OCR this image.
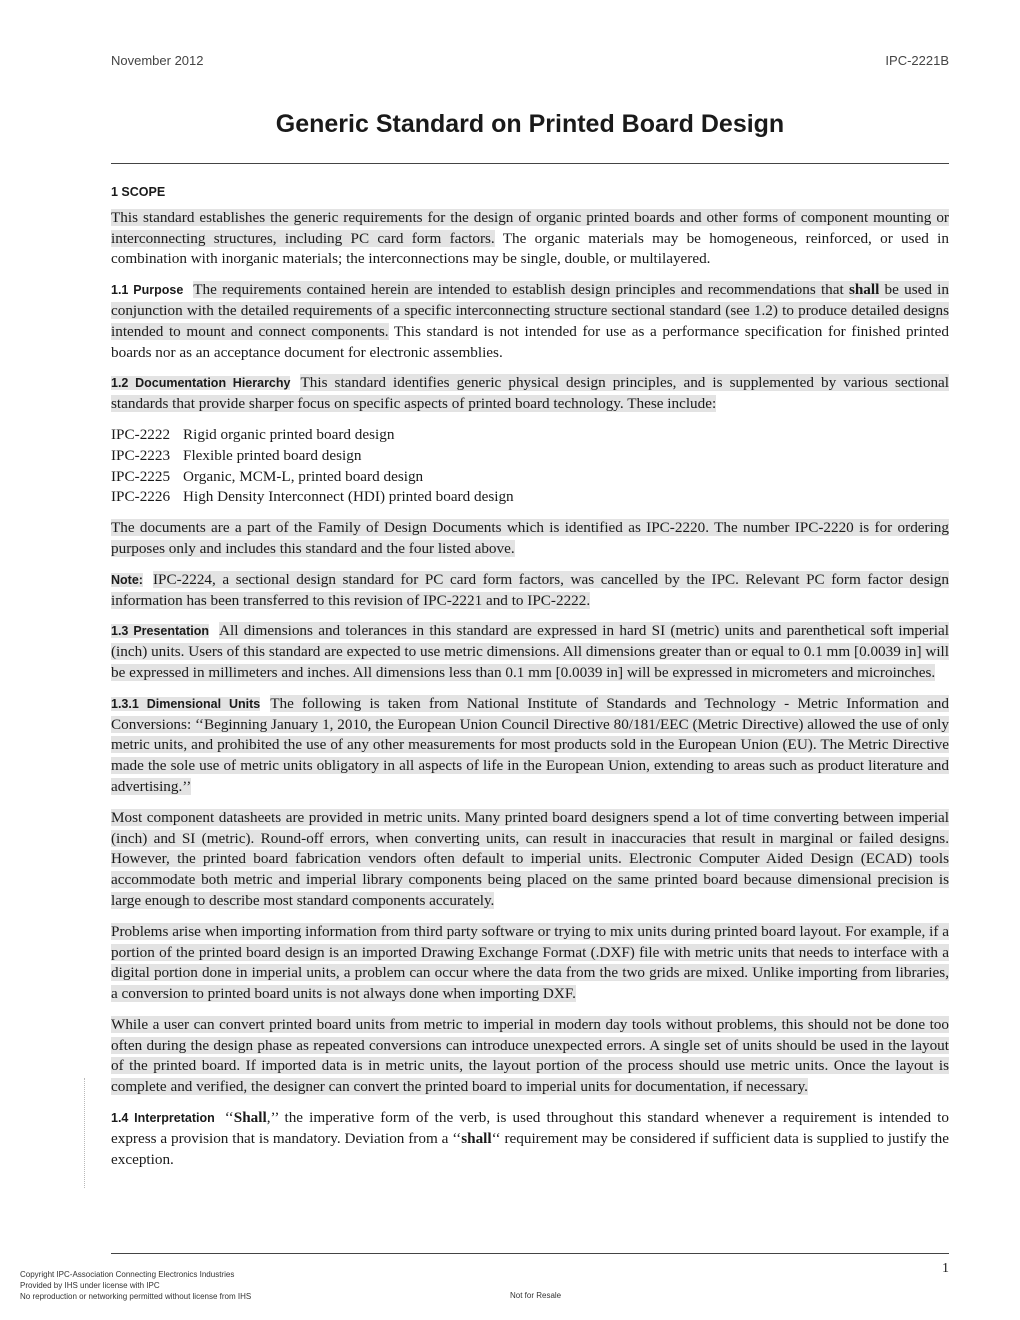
November 2012	IPC-2221B
Generic Standard on Printed Board Design
1 SCOPE

This standard establishes the generic requirements for the design of organic printed boards and other forms of component mounting or interconnecting structures, including PC card form factors. The organic materials may be homogeneous, reinforced, or used in combination with inorganic materials; the interconnections may be single, double, or multilayered.

1.1 Purpose The requirements contained herein are intended to establish design principles and recommendations that shall be used in conjunction with the detailed requirements of a specific interconnecting structure sectional standard (see 1.2) to produce detailed designs intended to mount and connect components. This standard is not intended for use as a performance specification for finished printed boards nor as an acceptance document for electronic assemblies.

1.2 Documentation Hierarchy This standard identifies generic physical design principles, and is supplemented by various sectional standards that provide sharper focus on specific aspects of printed board technology. These include:

IPC-2222 Rigid organic printed board design
IPC-2223 Flexible printed board design
IPC-2225 Organic, MCM-L, printed board design
IPC-2226 High Density Interconnect (HDI) printed board design

The documents are a part of the Family of Design Documents which is identified as IPC-2220. The number IPC-2220 is for ordering purposes only and includes this standard and the four listed above.

Note: IPC-2224, a sectional design standard for PC card form factors, was cancelled by the IPC. Relevant PC form factor design information has been transferred to this revision of IPC-2221 and to IPC-2222.

1.3 Presentation All dimensions and tolerances in this standard are expressed in hard SI (metric) units and parenthetical soft imperial (inch) units. Users of this standard are expected to use metric dimensions. All dimensions greater than or equal to 0.1 mm [0.0039 in] will be expressed in millimeters and inches. All dimensions less than 0.1 mm [0.0039 in] will be expressed in micrometers and microinches.

1.3.1 Dimensional Units The following is taken from National Institute of Standards and Technology - Metric Information and Conversions: ‘‘Beginning January 1, 2010, the European Union Council Directive 80/181/EEC (Metric Directive) allowed the use of only metric units, and prohibited the use of any other measurements for most products sold in the European Union (EU). The Metric Directive made the sole use of metric units obligatory in all aspects of life in the European Union, extending to areas such as product literature and advertising.’’

Most component datasheets are provided in metric units. Many printed board designers spend a lot of time converting between imperial (inch) and SI (metric). Round-off errors, when converting units, can result in inaccuracies that result in marginal or failed designs. However, the printed board fabrication vendors often default to imperial units. Electronic Computer Aided Design (ECAD) tools accommodate both metric and imperial library components being placed on the same printed board because dimensional precision is large enough to describe most standard components accurately.

Problems arise when importing information from third party software or trying to mix units during printed board layout. For example, if a portion of the printed board design is an imported Drawing Exchange Format (.DXF) file with metric units that needs to interface with a digital portion done in imperial units, a problem can occur where the data from the two grids are mixed. Unlike importing from libraries, a conversion to printed board units is not always done when importing DXF.

While a user can convert printed board units from metric to imperial in modern day tools without problems, this should not be done too often during the design phase as repeated conversions can introduce unexpected errors. A single set of units should be used in the layout of the printed board. If imported data is in metric units, the layout portion of the process should use metric units. Once the layout is complete and verified, the designer can convert the printed board to imperial units for documentation, if necessary.

1.4 Interpretation ‘‘Shall,’’ the imperative form of the verb, is used throughout this standard whenever a requirement is intended to express a provision that is mandatory. Deviation from a ‘‘shall‘‘ requirement may be considered if sufficient data is supplied to justify the exception.

1
Copyright IPC-Association Connecting Electronics Industries
Provided by IHS under license with IPC
No reproduction or networking permitted without license from IHS	Not for Resale
